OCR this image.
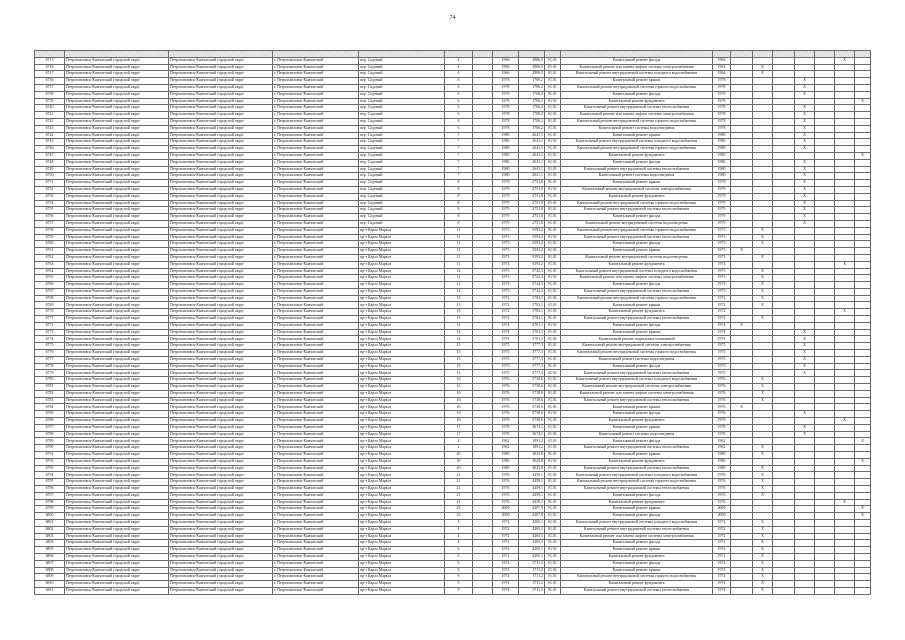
74

6713	Петропавловск-Камчатский городской округ	Петропавловск-Камчатский городской округ	г. Петропавловск-Камчатский	пер. Садовый	4		1966	2806,5	01.01	Капитальный ремонт фасада	1964						X	
6716	Петропавловск-Камчатский городской округ	Петропавловск-Камчатский городской округ	г. Петропавловск-Камчатский	пер. Садовый	4		1966	2806,5	01.01	Капитальный ремонт или замена лифтов системы электроснабжения	1964		X					
6717	Петропавловск-Камчатский городской округ	Петропавловск-Камчатский городской округ	г. Петропавловск-Камчатский	пер. Садовый	4		1966	2806,5	01.01	Капитальный ремонт внутридомовой системы холодного водоснабжения	1964		X					
6736	Петропавловск-Камчатский городской округ	Петропавловск-Камчатский городской округ	г. Петропавловск-Камчатский	пер. Садовый	6		1978	1706,2	01.01	Капитальный ремонт крыши	1978				X			
6737	Петропавловск-Камчатский городской округ	Петропавловск-Камчатский городской округ	г. Петропавловск-Камчатский	пер. Садовый	6		1978	1706,2	01.01	Капитальный ремонт внутридомовой системы горячего водоснабжения	1978				X			
6738	Петропавловск-Камчатский городской округ	Петропавловск-Камчатский городской округ	г. Петропавловск-Камчатский	пер. Садовый	6		1978	1706,2	01.01	Капитальный ремонт фасада	1978				X			
6739	Петропавловск-Камчатский городской округ	Петропавловск-Камчатский городской округ	г. Петропавловск-Камчатский	пер. Садовый	6		1978	1706,2	01.01	Капитальный ремонт фундамента	1978							X
6740	Петропавловск-Камчатский городской округ	Петропавловск-Камчатский городской округ	г. Петропавловск-Камчатский	пер. Садовый	6		1978	1706,2	01.01	Капитальный ремонт внутридомовой системы теплоснабжения	1978				X			
6741	Петропавловск-Камчатский городской округ	Петропавловск-Камчатский городской округ	г. Петропавловск-Камчатский	пер. Садовый	6		1978	1706,2	01.01	Капитальный ремонт или замена лифтов системы электроснабжения	1978				X			
6742	Петропавловск-Камчатский городской округ	Петропавловск-Камчатский городской округ	г. Петропавловск-Камчатский	пер. Садовый	6		1978	1706,2	01.01	Капитальный ремонт внутридомовой системы горячего водоснабжения	1978				X			
6743	Петропавловск-Камчатский городской округ	Петропавловск-Камчатский городской округ	г. Петропавловск-Камчатский	пер. Садовый	6		1978	1706,2	01.01	Капитальный ремонт системы водоотведения	1978				X			
6744	Петропавловск-Камчатский городской округ	Петропавловск-Камчатский городской округ	г. Петропавловск-Камчатский	пер. Садовый	7		1980	2641,1	01.01	Капитальный ремонт крыши	1980				X			
6745	Петропавловск-Камчатский городской округ	Петропавловск-Камчатский городской округ	г. Петропавловск-Камчатский	пер. Садовый	7		1980	2641,1	01.01	Капитальный ремонт внутридомовой системы холодного водоснабжения	1980				X			
6746	Петропавловск-Камчатский городской округ	Петропавловск-Камчатский городской округ	г. Петропавловск-Камчатский	пер. Садовый	7		1980	2641,1	01.01	Капитальный ремонт внутридомовой системы горячего водоснабжения	1980				X			
6747	Петропавловск-Камчатский городской округ	Петропавловск-Камчатский городской округ	г. Петропавловск-Камчатский	пер. Садовый	7		1980	2641,1	01.01	Капитальный ремонт фундамента	1980							X
6748	Петропавловск-Камчатский городской округ	Петропавловск-Камчатский городской округ	г. Петропавловск-Камчатский	пер. Садовый	7		1980	2641,1	01.01	Капитальный ремонт фасада	1980				X			
6749	Петропавловск-Камчатский городской округ	Петропавловск-Камчатский городской округ	г. Петропавловск-Камчатский	пер. Садовый	7		1980	2641,1	01.01	Капитальный ремонт внутридомовой системы теплоснабжения	1980				X			
6750	Петропавловск-Камчатский городской округ	Петропавловск-Камчатский городской округ	г. Петропавловск-Камчатский	пер. Садовый	7		1980	2641,1	01.01	Капитальный ремонт системы водоотведения	1980				X			
6751	Петропавловск-Камчатский городской округ	Петропавловск-Камчатский городской округ	г. Петропавловск-Камчатский	пер. Садовый	8		1979	2751,8	01.01	Капитальный ремонт крыши	1979				X			
6752	Петропавловск-Камчатский городской округ	Петропавловск-Камчатский городской округ	г. Петропавловск-Камчатский	пер. Садовый	8		1979	2751,8	01.01	Капитальный ремонт внутридомовой системы электроснабжения	1979				X			
6753	Петропавловск-Камчатский городской округ	Петропавловск-Камчатский городской округ	г. Петропавловск-Камчатский	пер. Садовый	8		1979	2751,8	01.01	Капитальный ремонт фундамента	1979				X			
6754	Петропавловск-Камчатский городской округ	Петропавловск-Камчатский городской округ	г. Петропавловск-Камчатский	пер. Садовый	8		1979	2751,8	01.01	Капитальный ремонт внутридомовой системы горячего водоснабжения	1979				X			
6755	Петропавловск-Камчатский городской округ	Петропавловск-Камчатский городской округ	г. Петропавловск-Камчатский	пер. Садовый	8		1979	2751,8	01.01	Капитальный ремонт внутридомовой системы теплоснабжения	1979				X			
6756	Петропавловск-Камчатский городской округ	Петропавловск-Камчатский городской округ	г. Петропавловск-Камчатский	пер. Садовый	8		1979	2751,8	01.01	Капитальный ремонт фасада	1979				X			
6757	Петропавловск-Камчатский городской округ	Петропавловск-Камчатский городской округ	г. Петропавловск-Камчатский	пер. Садовый	8		1979	2751,8	01.01	Капитальный ремонт внутридомовой системы водоотведения	1979				X			
6758	Петропавловск-Камчатский городской округ	Петропавловск-Камчатский городской округ	г. Петропавловск-Камчатский	пр-т Карла Маркса	11		1973	5593,2	01.01	Капитальный ремонт внутридомовой системы горячего водоснабжения	1973		X					
6759	Петропавловск-Камчатский городской округ	Петропавловск-Камчатский городской округ	г. Петропавловск-Камчатский	пр-т Карла Маркса	11		1973	5593,2	01.01	Капитальный ремонт внутридомовой системы теплоснабжения	1973		X					
6760	Петропавловск-Камчатский городской округ	Петропавловск-Камчатский городской округ	г. Петропавловск-Камчатский	пр-т Карла Маркса	11		1973	5593,2	01.01	Капитальный ремонт фасада	1973		X					
6761	Петропавловск-Камчатский городской округ	Петропавловск-Камчатский городской округ	г. Петропавловск-Камчатский	пр-т Карла Маркса	11		1973	5593,2	01.01	Капитальный ремонт крыши	1973	X						
6762	Петропавловск-Камчатский городской округ	Петропавловск-Камчатский городской округ	г. Петропавловск-Камчатский	пр-т Карла Маркса	11		1973	5593,2	01.01	Капитальный ремонт внутридомовой системы водоотведения	1973		X					
6763	Петропавловск-Камчатский городской округ	Петропавловск-Камчатский городской округ	г. Петропавловск-Камчатский	пр-т Карла Маркса	11		1973	5593,2	01.01	Капитальный ремонт фундамента	1973						X	
6764	Петропавловск-Камчатский городской округ	Петропавловск-Камчатский городской округ	г. Петропавловск-Камчатский	пр-т Карла Маркса	12		1973	5742,3	01.01	Капитальный ремонт внутридомовой системы холодного водоснабжения	1973		X					
6765	Петропавловск-Камчатский городской округ	Петропавловск-Камчатский городской округ	г. Петропавловск-Камчатский	пр-т Карла Маркса	12		1973	5742,3	01.01	Капитальный ремонт или замена лифтов системы электроснабжения	1973		X					
6766	Петропавловск-Камчатский городской округ	Петропавловск-Камчатский городской округ	г. Петропавловск-Камчатский	пр-т Карла Маркса	12		1973	5742,3	01.01	Капитальный ремонт фасада	1973		X					
6767	Петропавловск-Камчатский городской округ	Петропавловск-Камчатский городской округ	г. Петропавловск-Камчатский	пр-т Карла Маркса	12		1973	5742,3	01.01	Капитальный ремонт внутридомовой системы теплоснабжения	1973		X					
6768	Петропавловск-Камчатский городской округ	Петропавловск-Камчатский городской округ	г. Петропавловск-Камчатский	пр-т Карла Маркса	13		1972	5783,1	01.01	Капитальный ремонт внутридомовой системы горячего водоснабжения	1972		X					
6769	Петропавловск-Камчатский городской округ	Петропавловск-Камчатский городской округ	г. Петропавловск-Камчатский	пр-т Карла Маркса	13		1972	5783,1	01.01	Капитальный ремонт крыши	1972		X					
6770	Петропавловск-Камчатский городской округ	Петропавловск-Камчатский городской округ	г. Петропавловск-Камчатский	пр-т Карла Маркса	13		1972	5783,1	01.01	Капитальный ремонт фундамента	1972						X	
6771	Петропавловск-Камчатский городской округ	Петропавловск-Камчатский городской округ	г. Петропавловск-Камчатский	пр-т Карла Маркса	13		1972	5783,1	01.01	Капитальный ремонт внутридомовой системы теплоснабжения	1972		X					
6772	Петропавловск-Камчатский городской округ	Петропавловск-Камчатский городской округ	г. Петропавловск-Камчатский	пр-т Карла Маркса	14		1974	3701,1	01.01	Капитальный ремонт фасада	1974	X						
6773	Петропавловск-Камчатский городской округ	Петропавловск-Камчатский городской округ	г. Петропавловск-Камчатский	пр-т Карла Маркса	14		1974	3701,1	01.01	Капитальный ремонт крыши	1974				X			
6774	Петропавловск-Камчатский городской округ	Петропавловск-Камчатский городской округ	г. Петропавловск-Камчатский	пр-т Карла Маркса	14		1974	3701,1	01.01	Капитальный ремонт подвальных помещений	1974				X			
6775	Петропавловск-Камчатский городской округ	Петропавловск-Камчатский городской округ	г. Петропавловск-Камчатский	пр-т Карла Маркса	15		1975	3777,3	01.01	Капитальный ремонт внутридомовой системы электроснабжения	1975				X			
6776	Петропавловск-Камчатский городской округ	Петропавловск-Камчатский городской округ	г. Петропавловск-Камчатский	пр-т Карла Маркса	15		1975	3777,3	01.01	Капитальный ремонт внутридомовой системы горячего водоснабжения	1975				X			
6777	Петропавловск-Камчатский городской округ	Петропавловск-Камчатский городской округ	г. Петропавловск-Камчатский	пр-т Карла Маркса	15		1975	3777,3	01.01	Капитальный ремонт системы водоотведения	1975				X			
6778	Петропавловск-Камчатский городской округ	Петропавловск-Камчатский городской округ	г. Петропавловск-Камчатский	пр-т Карла Маркса	15		1975	3777,3	01.01	Капитальный ремонт фасада	1975				X			
6779	Петропавловск-Камчатский городской округ	Петропавловск-Камчатский городской округ	г. Петропавловск-Камчатский	пр-т Карла Маркса	15		1975	3777,3	01.01	Капитальный ремонт внутридомовой системы теплоснабжения	1975				X			
6780	Петропавловск-Камчатский городской округ	Петропавловск-Камчатский городской округ	г. Петропавловск-Камчатский	пр-т Карла Маркса	16		1976	5738,6	01.01	Капитальный ремонт внутридомовой системы холодного водоснабжения	1976		X					
6781	Петропавловск-Камчатский городской округ	Петропавловск-Камчатский городской округ	г. Петропавловск-Камчатский	пр-т Карла Маркса	16		1976	5738,6	01.01	Капитальный ремонт внутридомовой системы электроснабжения	1976		X					
6782	Петропавловск-Камчатский городской округ	Петропавловск-Камчатский городской округ	г. Петропавловск-Камчатский	пр-т Карла Маркса	16		1976	5738,6	01.01	Капитальный ремонт или замена лифтов системы электроснабжения	1976		X					
6783	Петропавловск-Камчатский городской округ	Петропавловск-Камчатский городской округ	г. Петропавловск-Камчатский	пр-т Карла Маркса	16		1976	5738,6	01.01	Капитальный ремонт внутридомовой системы теплоснабжения	1976		X					
6784	Петропавловск-Камчатский городской округ	Петропавловск-Камчатский городской округ	г. Петропавловск-Камчатский	пр-т Карла Маркса	16		1976	5738,6	01.01	Капитальный ремонт крыши	1976	X						
6785	Петропавловск-Камчатский городской округ	Петропавловск-Камчатский городской округ	г. Петропавловск-Камчатский	пр-т Карла Маркса	16		1976	5738,6	01.01	Капитальный ремонт фасада	1976				X			
6786	Петропавловск-Камчатский городской округ	Петропавловск-Камчатский городской округ	г. Петропавловск-Камчатский	пр-т Карла Маркса	16		1976	5738,6	01.01	Капитальный ремонт фундамента	1976						X	
6787	Петропавловск-Камчатский городской округ	Петропавловск-Камчатский городской округ	г. Петропавловск-Камчатский	пр-т Карла Маркса	17		1978	3674,1	01.01	Капитальный ремонт крыши	1978				X			
6788	Петропавловск-Камчатский городской округ	Петропавловск-Камчатский городской округ	г. Петропавловск-Камчатский	пр-т Карла Маркса	17		1978	3674,1	01.01	Капитальный ремонт системы водоотведения	1978				X			
6789	Петропавловск-Камчатский городской округ	Петропавловск-Камчатский городской округ	г. Петропавловск-Камчатский	пр-т Карла Маркса	2		1962	1891,2	01.01	Капитальный ремонт фасада	1962							X
6790	Петропавловск-Камчатский городской округ	Петропавловск-Камчатский городской округ	г. Петропавловск-Камчатский	пр-т Карла Маркса	2		1962	1891,2	01.01	Капитальный ремонт внутридомовой системы теплоснабжения	1962		X					
6791	Петропавловск-Камчатский городской округ	Петропавловск-Камчатский городской округ	г. Петропавловск-Камчатский	пр-т Карла Маркса	20		1980	3025,8	01.01	Капитальный ремонт крыши	1980		X					
6792	Петропавловск-Камчатский городской округ	Петропавловск-Камчатский городской округ	г. Петропавловск-Камчатский	пр-т Карла Маркса	20		1980	3025,8	01.01	Капитальный ремонт фундамента	1980							X
6793	Петропавловск-Камчатский городской округ	Петропавловск-Камчатский городской округ	г. Петропавловск-Камчатский	пр-т Карла Маркса	20		1980	3025,8	01.01	Капитальный ремонт внутридомовой системы теплоснабжения	1980		X					
6794	Петропавловск-Камчатский городской округ	Петропавловск-Камчатский городской округ	г. Петропавловск-Камчатский	пр-т Карла Маркса	21		1976	4459,1	01.01	Капитальный ремонт внутридомовой системы холодного водоснабжения	1976		X					
6795	Петропавловск-Камчатский городской округ	Петропавловск-Камчатский городской округ	г. Петропавловск-Камчатский	пр-т Карла Маркса	21		1976	4459,1	01.01	Капитальный ремонт внутридомовой системы горячего водоснабжения	1976		X					
6796	Петропавловск-Камчатский городской округ	Петропавловск-Камчатский городской округ	г. Петропавловск-Камчатский	пр-т Карла Маркса	21		1976	4459,1	01.01	Капитальный ремонт внутридомовой системы теплоснабжения	1976		X					
6797	Петропавловск-Камчатский городской округ	Петропавловск-Камчатский городской округ	г. Петропавловск-Камчатский	пр-т Карла Маркса	21		1976	4459,1	01.01	Капитальный ремонт фасада	1976		X					
6798	Петропавловск-Камчатский городской округ	Петропавловск-Камчатский городской округ	г. Петропавловск-Камчатский	пр-т Карла Маркса	21		1976	4459,1	01.01	Капитальный ремонт фундамента	1976						X	
6799	Петропавловск-Камчатский городской округ	Петропавловск-Камчатский городской округ	г. Петропавловск-Камчатский	пр-т Карла Маркса	23		2009	4307,9	01.01	Капитальный ремонт крыши	2009							X
6800	Петропавловск-Камчатский городской округ	Петропавловск-Камчатский городской округ	г. Петропавловск-Камчатский	пр-т Карла Маркса	23		2009	4307,9	01.01	Капитальный ремонт фасада	2009							X
6801	Петропавловск-Камчатский городской округ	Петропавловск-Камчатский городской округ	г. Петропавловск-Камчатский	пр-т Карла Маркса	4		1972	4265,1	01.01	Капитальный ремонт внутридомовой системы холодного водоснабжения	1972		X					
6802	Петропавловск-Камчатский городской округ	Петропавловск-Камчатский городской округ	г. Петропавловск-Камчатский	пр-т Карла Маркса	4		1972	4265,1	01.01	Капитальный ремонт внутридомовой системы теплоснабжения	1972		X					
6803	Петропавловск-Камчатский городской округ	Петропавловск-Камчатский городской округ	г. Петропавловск-Камчатский	пр-т Карла Маркса	4		1972	4265,1	01.01	Капитальный ремонт или замена лифтов системы электроснабжения	1972		X					
6804	Петропавловск-Камчатский городской округ	Петропавловск-Камчатский городской округ	г. Петропавловск-Камчатский	пр-т Карла Маркса	4		1972	4265,1	01.01	Капитальный ремонт фасада	1972		X					
6805	Петропавловск-Камчатский городской округ	Петропавловск-Камчатский городской округ	г. Петропавловск-Камчатский	пр-т Карла Маркса	6		1972	4265,1	01.01	Капитальный ремонт крыши	1972		X					
6806	Петропавловск-Камчатский городской округ	Петропавловск-Камчатский городской округ	г. Петропавловск-Камчатский	пр-т Карла Маркса	6		1972	4265,1	01.01	Капитальный ремонт фундамента	1972		X					
6807	Петропавловск-Камчатский городской округ	Петропавловск-Камчатский городской округ	г. Петропавловск-Камчатский	пр-т Карла Маркса	9		1974	3711,2	01.01	Капитальный ремонт фасада	1974		X					
6808	Петропавловск-Камчатский городской округ	Петропавловск-Камчатский городской округ	г. Петропавловск-Камчатский	пр-т Карла Маркса	9		1974	3711,2	01.01	Капитальный ремонт крыши	1974		X					
6809	Петропавловск-Камчатский городской округ	Петропавловск-Камчатский городской округ	г. Петропавловск-Камчатский	пр-т Карла Маркса	9		1974	3711,2	01.01	Капитальный ремонт внутридомовой системы горячего водоснабжения	1974		X					
6810	Петропавловск-Камчатский городской округ	Петропавловск-Камчатский городской округ	г. Петропавловск-Камчатский	пр-т Карла Маркса	9		1974	3711,2	01.01	Капитальный ремонт фундамента	1974		X					
6811	Петропавловск-Камчатский городской округ	Петропавловск-Камчатский городской округ	г. Петропавловск-Камчатский	пр-т Карла Маркса	9		1974	3711,2	01.01	Капитальный ремонт внутридомовой системы теплоснабжения	1974		X					
